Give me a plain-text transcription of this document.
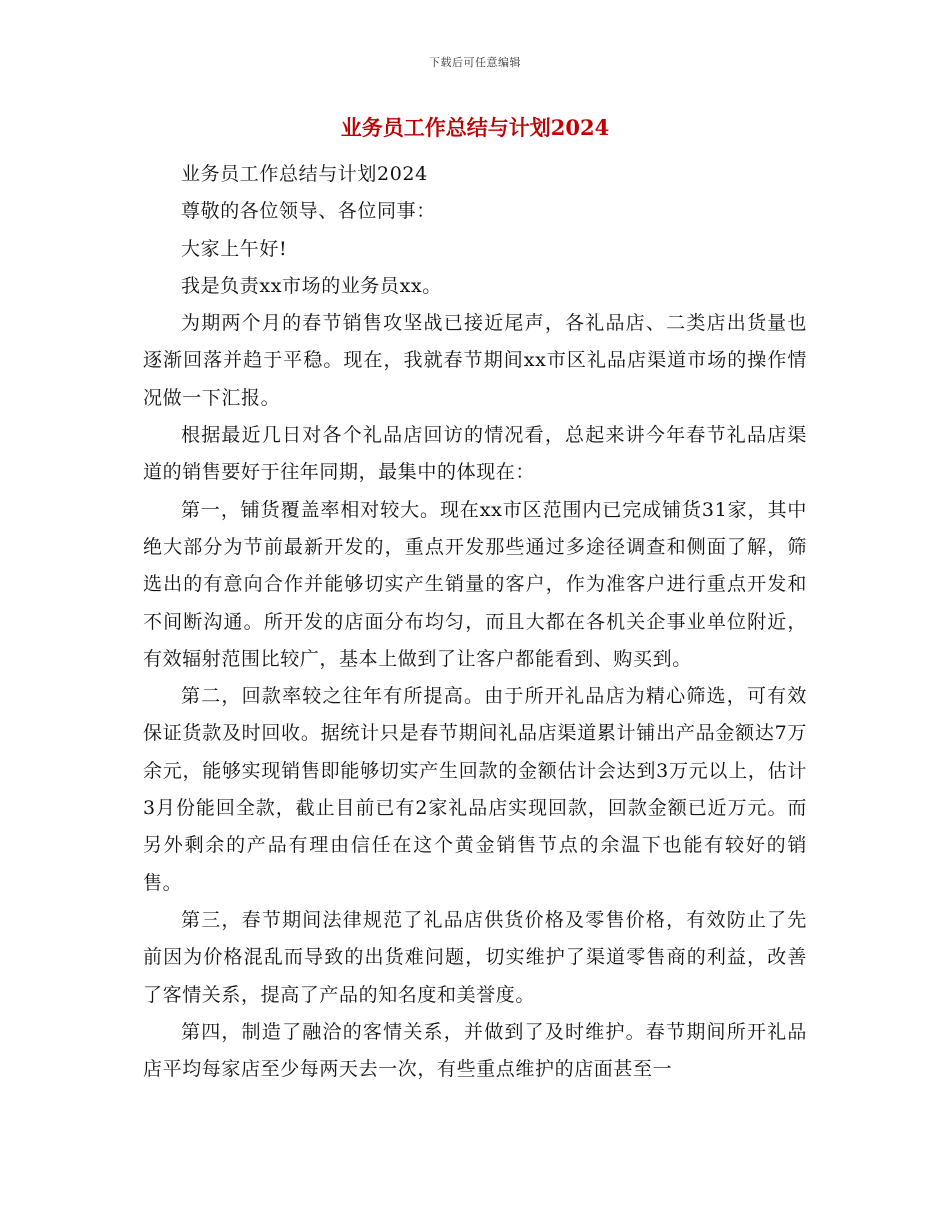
下载后可任意编辑
业务员工作总结与计划2024

业务员工作总结与计划2024

尊敬的各位领导、各位同事：

大家上午好!

我是负责xx市场的业务员xx。

为期两个月的春节销售攻坚战已接近尾声，各礼品店、二类店出货量也逐渐回落并趋于平稳。现在，我就春节期间xx市区礼品店渠道市场的操作情况做一下汇报。

根据最近几日对各个礼品店回访的情况看，总起来讲今年春节礼品店渠道的销售要好于往年同期，最集中的体现在：

第一，铺货覆盖率相对较大。现在xx市区范围内已完成铺货31家，其中绝大部分为节前最新开发的，重点开发那些通过多途径调查和侧面了解，筛选出的有意向合作并能够切实产生销量的客户，作为准客户进行重点开发和不间断沟通。所开发的店面分布均匀，而且大都在各机关企事业单位附近，有效辐射范围比较广，基本上做到了让客户都能看到、购买到。

第二，回款率较之往年有所提高。由于所开礼品店为精心筛选，可有效保证货款及时回收。据统计只是春节期间礼品店渠道累计铺出产品金额达7万余元，能够实现销售即能够切实产生回款的金额估计会达到3万元以上，估计3月份能回全款，截止目前已有2家礼品店实现回款，回款金额已近万元。而另外剩余的产品有理由信任在这个黄金销售节点的余温下也能有较好的销售。

第三，春节期间法律规范了礼品店供货价格及零售价格，有效防止了先前因为价格混乱而导致的出货难问题，切实维护了渠道零售商的利益，改善了客情关系，提高了产品的知名度和美誉度。

第四，制造了融洽的客情关系，并做到了及时维护。春节期间所开礼品店平均每家店至少每两天去一次，有些重点维护的店面甚至一
